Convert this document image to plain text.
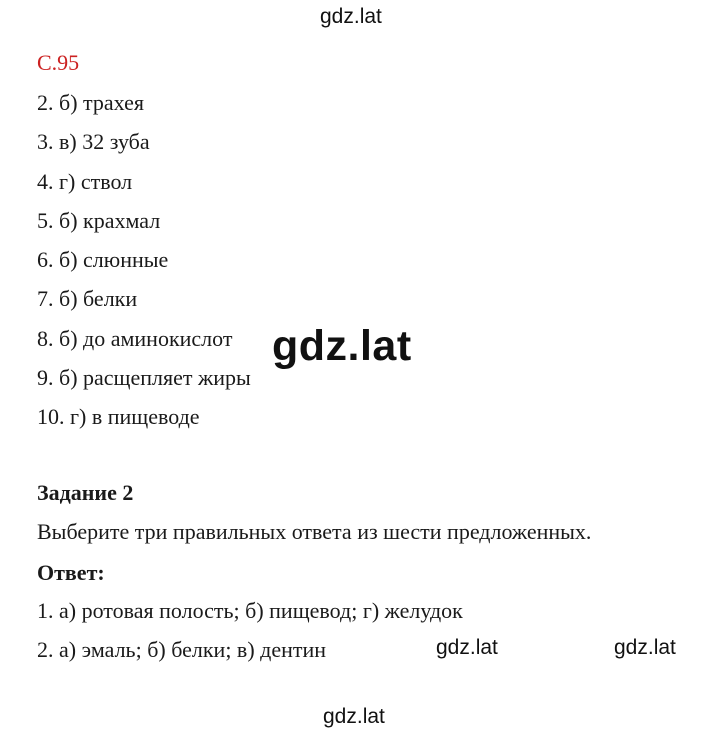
С.95
2. б) трахея
3. в) 32 зуба
4. г) ствол
5. б) крахмал
6. б) слюнные
7. б) белки
8. б) до аминокислот
9. б) расщепляет жиры
10. г) в пищеводе
Задание 2
Выберите три правильных ответа из шести предложенных.
Ответ:
1. а) ротовая полость; б) пищевод; г) желудок
2. а) эмаль; б) белки; в) дентин
gdz.lat
gdz.lat
gdz.lat	gdz.lat
gdz.lat
